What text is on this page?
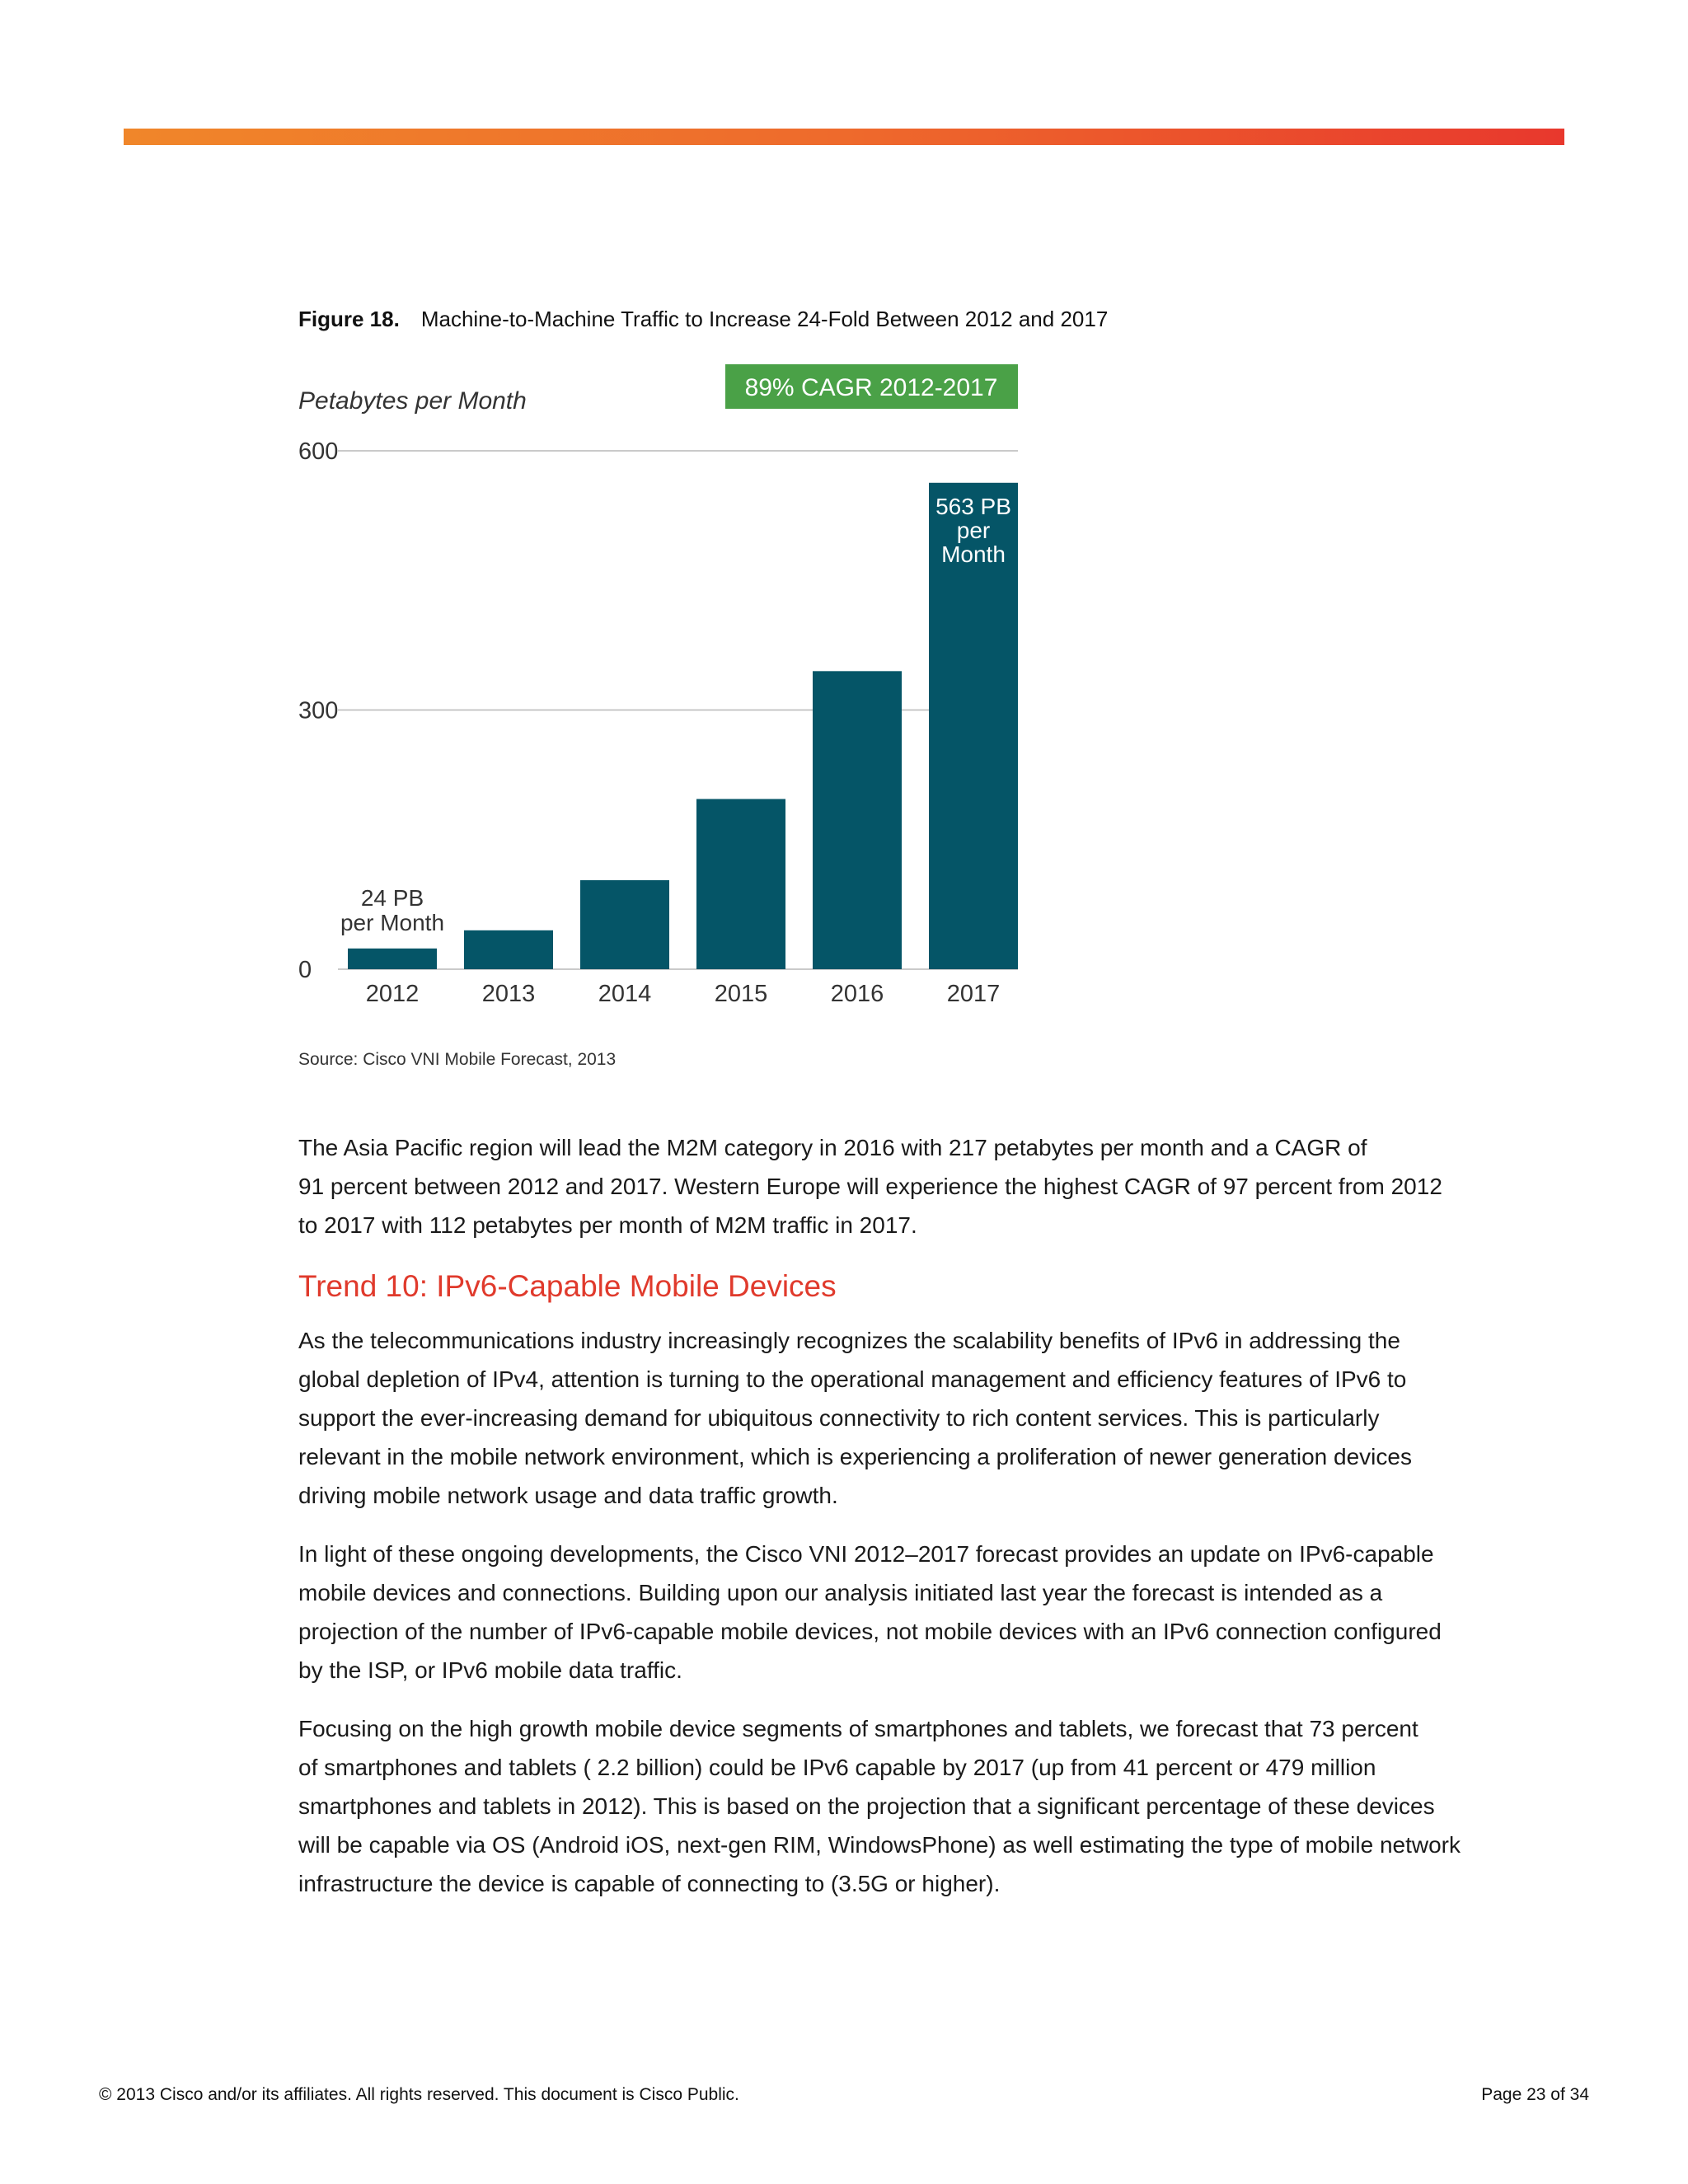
Figure 18. Machine-to-Machine Traffic to Increase 24-Fold Between 2012 and 2017
Petabytes per Month	89% CAGR 2012-2017
0
300
600
2012	2013	2014	2015	2016	2017
24 PB
per Month
563 PB
per
Month
Source: Cisco VNI Mobile Forecast, 2013

The Asia Pacific region will lead the M2M category in 2016 with 217 petabytes per month and a CAGR of

91 percent between 2012 and 2017. Western Europe will experience the highest CAGR of 97 percent from 2012

to 2017 with 112 petabytes per month of M2M traffic in 2017.

Trend 10: IPv6-Capable Mobile Devices

As the telecommunications industry increasingly recognizes the scalability benefits of IPv6 in addressing the

global depletion of IPv4, attention is turning to the operational management and efficiency features of IPv6 to

support the ever-increasing demand for ubiquitous connectivity to rich content services. This is particularly

relevant in the mobile network environment, which is experiencing a proliferation of newer generation devices

driving mobile network usage and data traffic growth.

In light of these ongoing developments, the Cisco VNI 2012–2017 forecast provides an update on IPv6-capable

mobile devices and connections. Building upon our analysis initiated last year the forecast is intended as a

projection of the number of IPv6-capable mobile devices, not mobile devices with an IPv6 connection configured

by the ISP, or IPv6 mobile data traffic.

Focusing on the high growth mobile device segments of smartphones and tablets, we forecast that 73 percent

of smartphones and tablets ( 2.2 billion) could be IPv6 capable by 2017 (up from 41 percent or 479 million

smartphones and tablets in 2012). This is based on the projection that a significant percentage of these devices

will be capable via OS (Android iOS, next-gen RIM, WindowsPhone) as well estimating the type of mobile network

infrastructure the device is capable of connecting to (3.5G or higher).

© 2013 Cisco and/or its affiliates. All rights reserved. This document is Cisco Public.	Page 23 of 34
